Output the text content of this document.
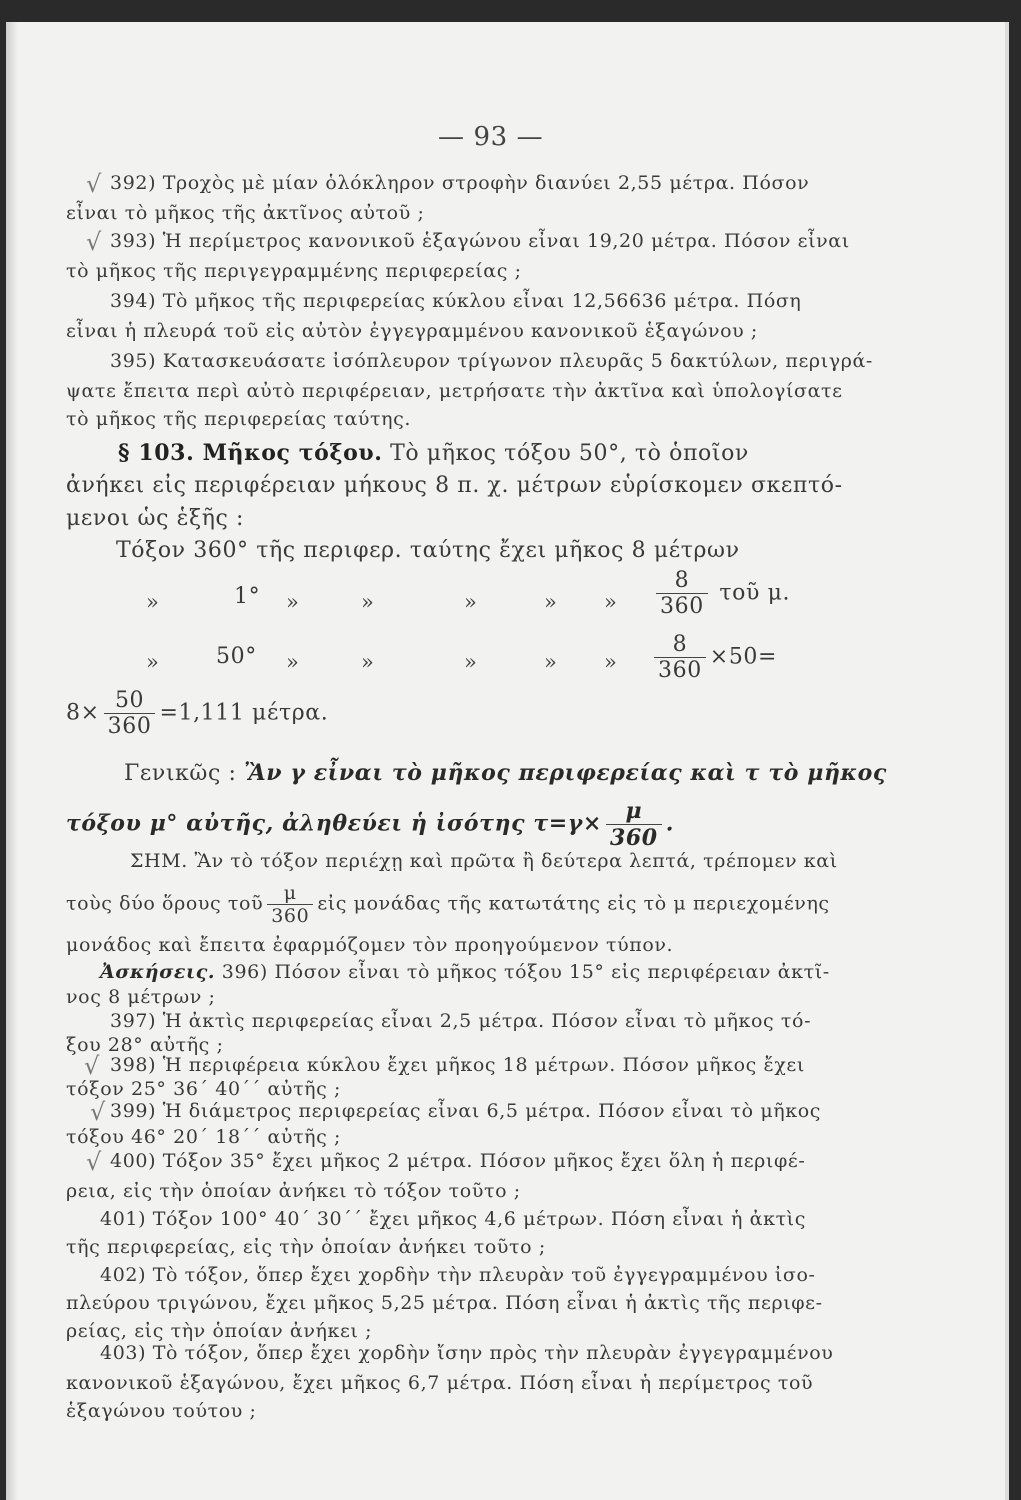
— 93 —
√ 392) Τροχὸς μὲ μίαν ὁλόκληρον στροφὴν διανύει 2,55 μέτρα. Πόσον
εἶναι τὸ μῆκος τῆς ἀκτῖνος αὐτοῦ ;
√ 393) Ἡ περίμετρος κανονικοῦ ἑξαγώνου εἶναι 19,20 μέτρα. Πόσον εἶναι
τὸ μῆκος τῆς περιγεγραμμένης περιφερείας ;
394) Τὸ μῆκος τῆς περιφερείας κύκλου εἶναι 12,56636 μέτρα. Πόση
εἶναι ἡ πλευρά τοῦ εἰς αὐτὸν ἐγγεγραμμένου κανονικοῦ ἑξαγώνου ;
395) Κατασκευάσατε ἰσόπλευρον τρίγωνον πλευρᾶς 5 δακτύλων, περιγρά-
ψατε ἔπειτα περὶ αὐτὸ περιφέρειαν, μετρήσατε τὴν ἀκτῖνα καὶ ὑπολογίσατε
τὸ μῆκος τῆς περιφερείας ταύτης.
§ 103. Μῆκος τόξου. Τὸ μῆκος τόξου 50°, τὸ ὁποῖον
ἀνήκει εἰς περιφέρειαν μήκους 8 π. χ. μέτρων εὑρίσκομεν σκεπτό-
μενοι ὡς ἑξῆς :
Τόξον 360° τῆς περιφερ. ταύτης ἔχει μῆκος 8 μέτρων
»	1° »	»	»	» » $\frac{8}{360}$ τοῦ μ.
»	50° »	»	»	» » $\frac{8}{360} \times 50=$
$8\times \frac{50}{360} =1,111$ μέτρα.
Γενικῶς : Ἂν γ εἶναι τὸ μῆκος περιφερείας καὶ τ τὸ μῆκος
τόξου μ° αὐτῆς, ἀληθεύει ἡ ἰσότης $\tau=\gamma\times \frac{\mu}{360}$ .
ΣΗΜ. Ἂν τὸ τόξον περιέχῃ καὶ πρῶτα ἢ δεύτερα λεπτά, τρέπομεν καὶ
τοὺς δύο ὅρους τοῦ $\frac{\mu}{360}$ εἰς μονάδας τῆς κατωτάτης εἰς τὸ μ περιεχομένης
μονάδος καὶ ἔπειτα ἐφαρμόζομεν τὸν προηγούμενον τύπον.
Ἀσκήσεις. 396) Πόσον εἶναι τὸ μῆκος τόξου 15° εἰς περιφέρειαν ἀκτῖ-
νος 8 μέτρων ;
397) Ἡ ἀκτὶς περιφερείας εἶναι 2,5 μέτρα. Πόσον εἶναι τὸ μῆκος τό-
ξου 28° αὐτῆς ;
√ 398) Ἡ περιφέρεια κύκλου ἔχει μῆκος 18 μέτρων. Πόσον μῆκος ἔχει
τόξον 25° 36΄ 40΄΄ αὐτῆς ;
√ 399) Ἡ διάμετρος περιφερείας εἶναι 6,5 μέτρα. Πόσον εἶναι τὸ μῆκος
τόξου 46° 20΄ 18΄΄ αὐτῆς ;
√ 400) Τόξον 35° ἔχει μῆκος 2 μέτρα. Πόσον μῆκος ἔχει ὅλη ἡ περιφέ-
ρεια, εἰς τὴν ὁποίαν ἀνήκει τὸ τόξον τοῦτο ;
401) Τόξον 100° 40΄ 30΄΄ ἔχει μῆκος 4,6 μέτρων. Πόση εἶναι ἡ ἀκτὶς
τῆς περιφερείας, εἰς τὴν ὁποίαν ἀνήκει τοῦτο ;
402) Τὸ τόξον, ὅπερ ἔχει χορδὴν τὴν πλευρὰν τοῦ ἐγγεγραμμένου ἰσο-
πλεύρου τριγώνου, ἔχει μῆκος 5,25 μέτρα. Πόση εἶναι ἡ ἀκτὶς τῆς περιφε-
ρείας, εἰς τὴν ὁποίαν ἀνήκει ;
403) Τὸ τόξον, ὅπερ ἔχει χορδὴν ἴσην πρὸς τὴν πλευρὰν ἐγγεγραμμένου
κανονικοῦ ἑξαγώνου, ἔχει μῆκος 6,7 μέτρα. Πόση εἶναι ἡ περίμετρος τοῦ
ἑξαγώνου τούτου ;
